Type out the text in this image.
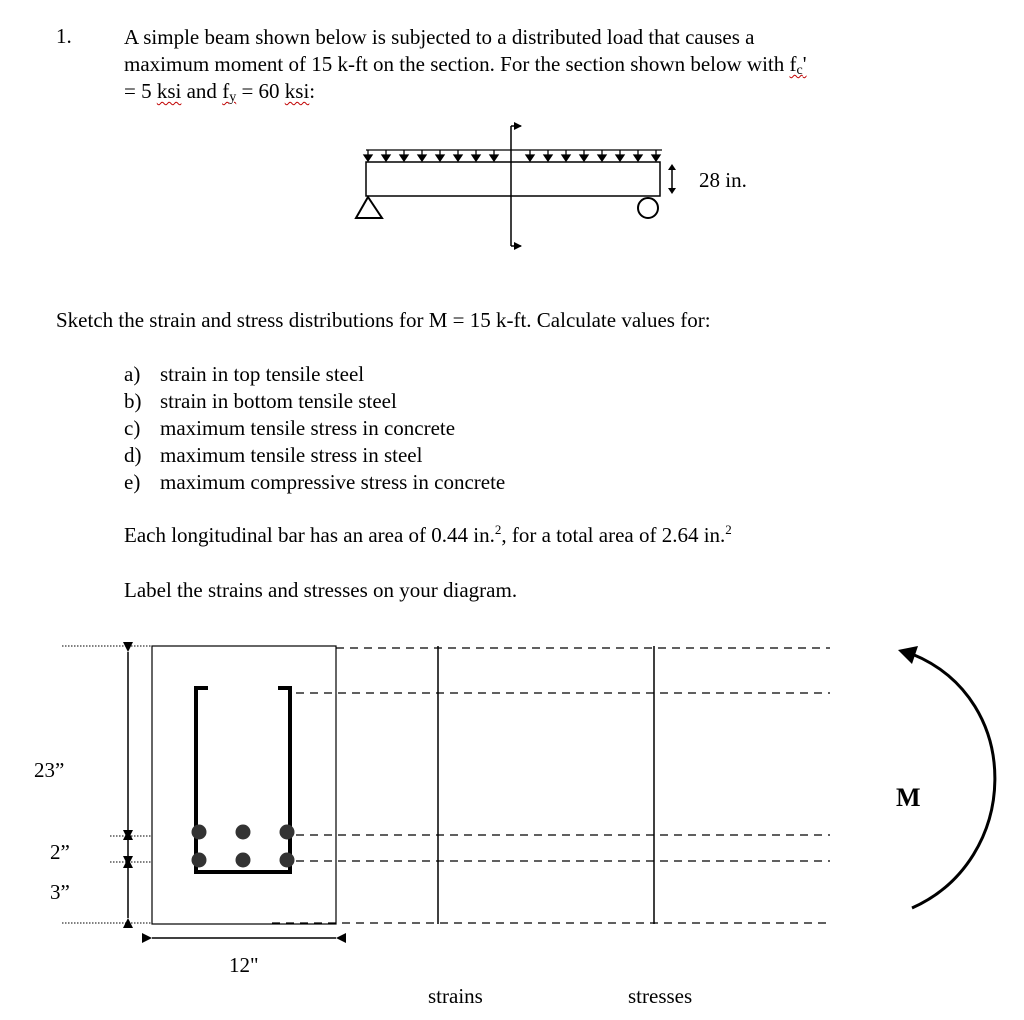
1. A simple beam shown below is subjected to a distributed load that causes a
maximum moment of 15 k-ft on the section. For the section shown below with $f_c'$
= 5 ksi and $f_y = 60$ ksi:
Sketch the strain and stress distributions for M = 15 k-ft. Calculate values for:
a) strain in top tensile steel
b) strain in bottom tensile steel
c) maximum tensile stress in concrete
d) maximum tensile stress in steel
e) maximum compressive stress in concrete
Each longitudinal bar has an area of 0.44 in.$^2$, for a total area of 2.64 in.$^2$
Label the strains and stresses on your diagram.
28 in.
23”
2”
3”
12"
strains	stresses
M
